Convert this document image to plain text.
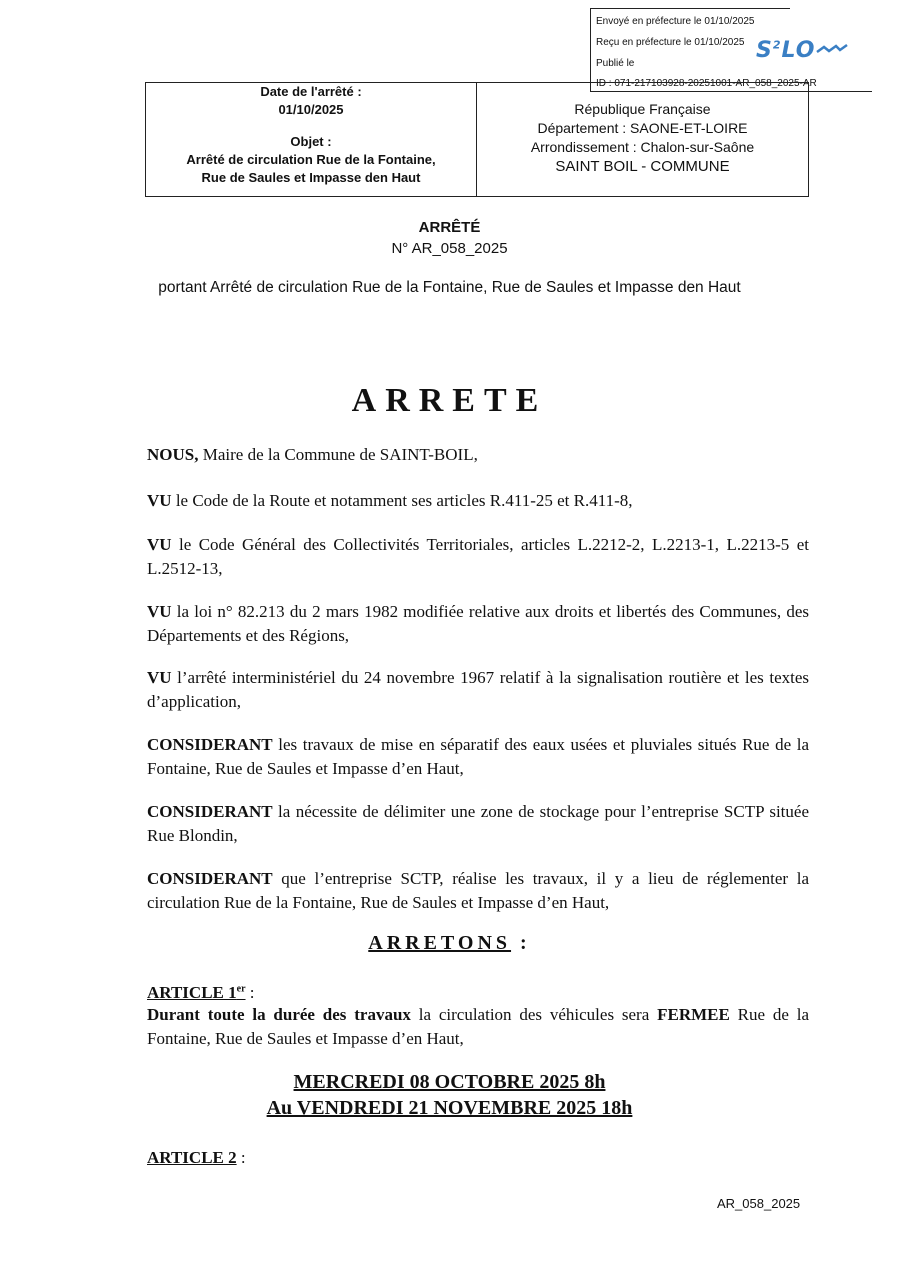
Envoyé en préfecture le 01/10/2025
Reçu en préfecture le 01/10/2025
Publié le
$S^2LO$
ID : 071-217103928-20251001-AR_058_2025-AR
Date de l'arrêté :
01/10/2025
Objet :
Arrêté de circulation Rue de la Fontaine,
Rue de Saules et Impasse den Haut
République Française
Département : SAONE-ET-LOIRE
Arrondissement : Chalon-sur-Saône
SAINT BOIL - COMMUNE
ARRÊTÉ
N° AR_058_2025
portant Arrêté de circulation Rue de la Fontaine, Rue de Saules et Impasse den Haut
ARRETE

NOUS, Maire de la Commune de SAINT-BOIL,

VU le Code de la Route et notamment ses articles R.411-25 et R.411-8,

VU le Code Général des Collectivités Territoriales, articles L.2212-2, L.2213-1, L.2213-5 et L.2512-13,

VU la loi n° 82.213 du 2 mars 1982 modifiée relative aux droits et libertés des Communes, des Départements et des Régions,

VU l’arrêté interministériel du 24 novembre 1967 relatif à la signalisation routière et les textes d’application,

CONSIDERANT les travaux de mise en séparatif des eaux usées et pluviales situés Rue de la Fontaine, Rue de Saules et Impasse d’en Haut,

CONSIDERANT la nécessite de délimiter une zone de stockage pour l’entreprise SCTP située Rue Blondin,

CONSIDERANT que l’entreprise SCTP, réalise les travaux, il y a lieu de réglementer la circulation Rue de la Fontaine, Rue de Saules et Impasse d’en Haut,

ARRETONS :
ARTICLE 1er :

Durant toute la durée des travaux la circulation des véhicules sera FERMEE Rue de la Fontaine, Rue de Saules et Impasse d’en Haut,

MERCREDI 08 OCTOBRE 2025 8h
Au VENDREDI 21 NOVEMBRE 2025 18h
ARTICLE 2 :
AR_058_2025
